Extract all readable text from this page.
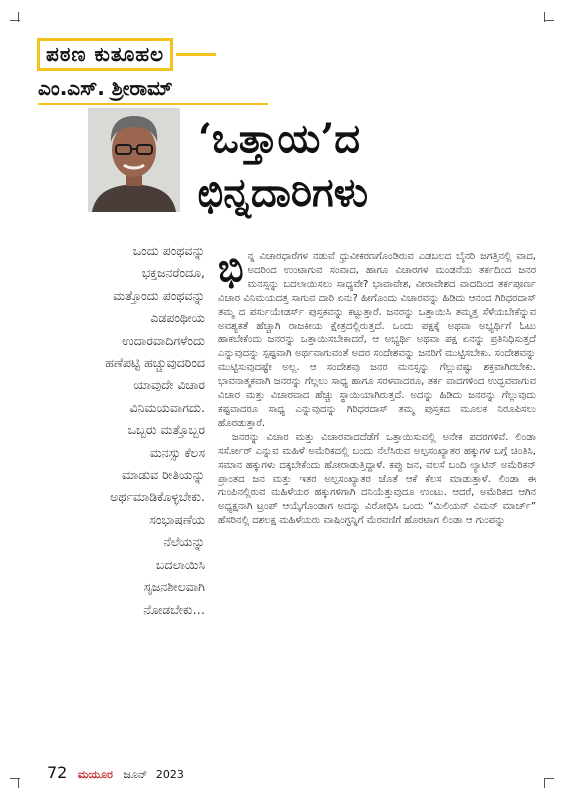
ಪಠಣ ಕುತೂಹಲ
ಎಂ.ಎಸ್. ಶ್ರೀರಾಮ್
‘ಒತ್ತಾಯ’ದ
ಛಿನ್ನದಾರಿಗಳು

ಒಂದು ಪಂಥವನ್ನು

ಭಕ್ತಜನರೆಂದೂ,

ಮತ್ತೊಂದು ಪಂಥವನ್ನು

ಎಡಪಂಥೀಯ

ಉದಾರವಾದಿಗಳೆಂದು

ಹಣೆಪಟ್ಟಿ ಹಚ್ಚುವುದರಿಂದ

ಯಾವುದೇ ವಿಚಾರ

ವಿನಿಮಯವಾಗದು.

ಒಬ್ಬರು ಮತ್ತೊಬ್ಬರ

ಮನಸ್ಸು ಕೆಲಸ

ಮಾಡುವ ರೀತಿಯನ್ನು

ಅರ್ಥಮಾಡಿಕೊಳ್ಳಬೇಕು.

ಸಂಭಾಷಣೆಯ

ನೆಲೆಯನ್ನು

ಬದಲಾಯಿಸಿ

ಸೃಜನಶೀಲವಾಗಿ

ನೋಡಬೇಕು…

ಭಿನ್ನ ವಿಚಾರಧಾರೆಗಳ ನಡುವೆ ಧ್ರುವೀಕರಣಗೊಂಡಿರುವ ಎಡಬಲದ ಬೈನರಿ ಜಗತ್ತಿನಲ್ಲಿ ವಾದ, ಅದರಿಂದ ಉಂಟಾಗುವ ಸಂವಾದ, ಹಾಗೂ ವಿಚಾರಗಳ ಮಂಡನೆಯ ತರ್ಕದಿಂದ ಜನರ ಮನಸ್ಸನ್ನು ಬದಲಾಯಿಸಲು ಸಾಧ್ಯವೇ? ಭಾವಾವೇಶ, ವೀರಾವೇಶದ ವಾದದಿಂದ ತರ್ಕಪೂರ್ಣ ವಿಚಾರ ವಿನಿಮಯದತ್ತ ಸಾಗುವ ದಾರಿ ಏನು? ಹೀಗೊಂದು ವಿಚಾರವನ್ನು ಹಿಡಿದು ಆನಂದ ಗಿರಿಧರದಾಸ್ ತಮ್ಮ ದ ಪರ್ಸುಯೇಡರ್ಸ್ ಪುಸ್ತಕವನ್ನು ಕಟ್ಟುತ್ತಾರೆ. ಜನರನ್ನು ಒತ್ತಾಯಿಸಿ ತಮ್ಮತ್ತ ಸೆಳೆಯಬೇಕೆನ್ನುವ ಅವಶ್ಯಕತೆ ಹೆಚ್ಚಾಗಿ ರಾಜಕೀಯ ಕ್ಷೇತ್ರದಲ್ಲಿರುತ್ತದೆ. ಒಂದು ಪಕ್ಷಕ್ಕೆ ಅಥವಾ ಅಭ್ಯರ್ಥಿಗೆ ಓಟು ಹಾಕಬೇಕೆಂದು ಜನರನ್ನು ಒತ್ತಾಯಿಸಬೇಕಾದರೆ, ಆ ಅಭ್ಯರ್ಥಿ ಅಥವಾ ಪಕ್ಷ ಏನನ್ನು ಪ್ರತಿನಿಧಿಸುತ್ತದೆ ಎನ್ನುವುದನ್ನು ಸ್ಪಷ್ಟವಾಗಿ ಅರ್ಥವಾಗುವಂತೆ ಅದರ ಸಂದೇಶವನ್ನು ಜನರಿಗೆ ಮುಟ್ಟಿಸಬೇಕು. ಸಂದೇಶವನ್ನು ಮುಟ್ಟಿಸುವುದಷ್ಟೇ ಅಲ್ಲ. ಆ ಸಂದೇಶವು ಜನರ ಮನಸ್ಸನ್ನು ಗೆಲ್ಲುವಷ್ಟು ಶಕ್ತವಾಗಿರಬೇಕು. ಭಾವನಾತ್ಮಕವಾಗಿ ಜನರನ್ನು ಗೆಲ್ಲಲು ಸಾಧ್ಯ ಹಾಗೂ ಸರಳವಾದರೂ, ತರ್ಕ ವಾದಗಳಿಂದ ಉದ್ಭವವಾಗುವ ವಿಚಾರ ಮತ್ತು ವಿಚಾರವಾದ ಹೆಚ್ಚು ಸ್ಥಾಯಿಯಾಗಿರುತ್ತದೆ. ಅದನ್ನು ಹಿಡಿದು ಜನರನ್ನು ಗೆಲ್ಲುವುದು ಕಷ್ಟವಾದರೂ ಸಾಧ್ಯ ಎನ್ನುವುದನ್ನು ಗಿರಿಧರದಾಸ್ ತಮ್ಮ ಪುಸ್ತಕದ ಮೂಲಕ ನಿರೂಪಿಸಲು ಹೊರಡುತ್ತಾರೆ.

ಜನರನ್ನು ವಿಚಾರ ಮತ್ತು ವಿಚಾರವಾದದೆಡೆಗೆ ಒತ್ತಾಯಿಸುವಲ್ಲಿ ಅನೇಕ ಪದರಗಳಿವೆ. ಲಿಂಡಾ ಸರ್ಸೋರ್ ಎನ್ನುವ ಮಹಿಳೆ ಅಮೆರಿಕದಲ್ಲಿ ಬಂದು ನೆಲೆಸಿರುವ ಅಲ್ಪಸಂಖ್ಯಾತರ ಹಕ್ಕುಗಳ ಬಗ್ಗೆ ಚಿಂತಿಸಿ, ಸಮಾನ ಹಕ್ಕುಗಳು ದಕ್ಕಬೇಕೆಂದು ಹೋರಾಡುತ್ತಿದ್ದಾಳೆ. ಕಪ್ಪು ಜನ, ವಲಸೆ ಬಂದಿ ಲ್ಯಾಟಿನ್ ಅಮೆರಿಕನ್ ಪ್ರಾಂತದ ಜನ ಮತ್ತು ಇತರ ಅಲ್ಪಸಂಖ್ಯಾತರ ಜೊತೆ ಆಕೆ ಕೆಲಸ ಮಾಡುತ್ತಾಳೆ. ಲಿಂಡಾ ಈ ಗುಂಪಿನಲ್ಲಿರುವ ಮಹಿಳೆಯರ ಹಕ್ಕುಗಳಿಗಾಗಿ ದನಿಯೆತ್ತುವುದೂ ಉಂಟು. ಆದರೆ, ಅಮೆರಿಕದ ಆಗಿನ ಅಧ್ಯಕ್ಷನಾಗಿ ಟ್ರಂಪ್ ಆಯ್ಕೆಗೊಂಡಾಗ ಅದನ್ನು ವಿರೋಧಿಸಿ ಒಂದು “ಮಿಲಿಯನ್ ವಿಮನ್ ಮಾರ್ಚ್” ಹೆಸರಿನಲ್ಲಿ ದಶಲಕ್ಷ ಮಹಿಳೆಯರು ವಾಷಿಂಗ್ಟನ್ನಿಗೆ ಮೆರವಣಿಗೆ ಹೊರಟಾಗ ಲಿಂಡಾ ಆ ಗುಂಪನ್ನು

72 ಮಯೂರ ಜೂನ್ 2023
